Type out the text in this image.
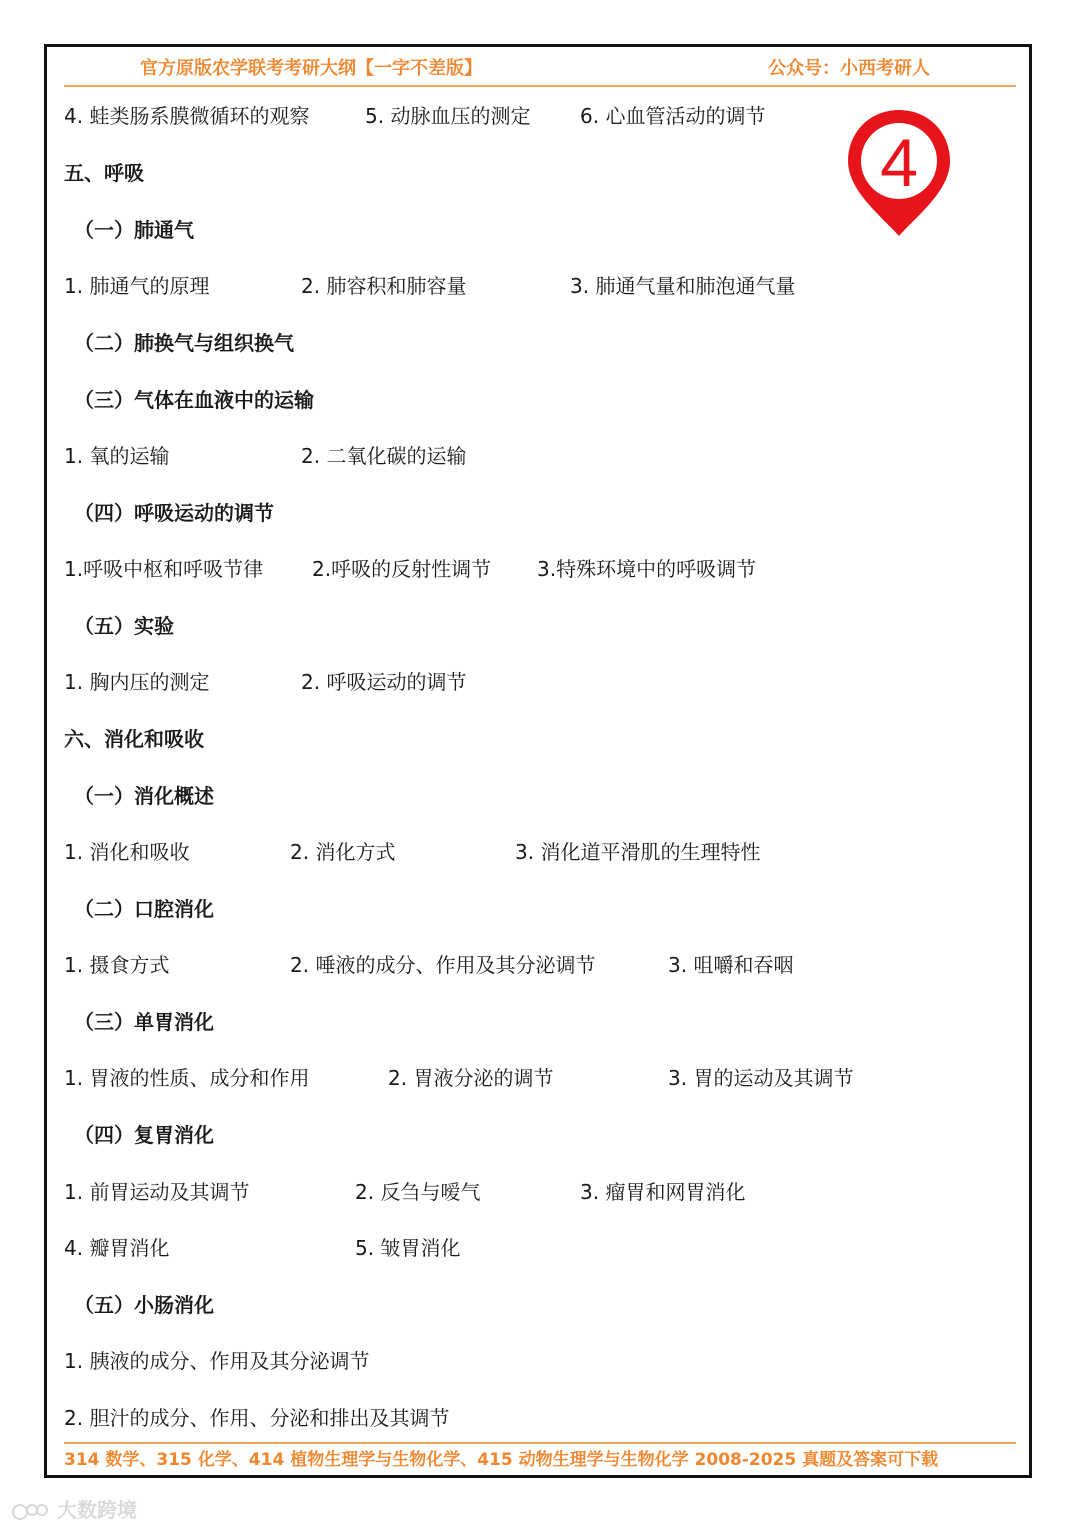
官方原版农学联考考研大纲【一字不差版】	公众号：小西考研人
4
4. 蛙类肠系膜微循环的观察	5. 动脉血压的测定 6. 心血管活动的调节
五、呼吸
（一）肺通气
1. 肺通气的原理	2. 肺容积和肺容量	3. 肺通气量和肺泡通气量
（二）肺换气与组织换气
（三）气体在血液中的运输
1. 氧的运输	2. 二氧化碳的运输
（四）呼吸运动的调节
1.呼吸中枢和呼吸节律 2.呼吸的反射性调节 3.特殊环境中的呼吸调节
（五）实验
1. 胸内压的测定	2. 呼吸运动的调节
六、消化和吸收
（一）消化概述
1. 消化和吸收	2. 消化方式	3. 消化道平滑肌的生理特性
（二）口腔消化
1. 摄食方式	2. 唾液的成分、作用及其分泌调节	3. 咀嚼和吞咽
（三）单胃消化
1. 胃液的性质、成分和作用	2. 胃液分泌的调节	3. 胃的运动及其调节
（四）复胃消化
1. 前胃运动及其调节	2. 反刍与嗳气	3. 瘤胃和网胃消化
4. 瓣胃消化	5. 皱胃消化
（五）小肠消化
1. 胰液的成分、作用及其分泌调节
2. 胆汁的成分、作用、分泌和排出及其调节
314 数学、315 化学、414 植物生理学与生物化学、415 动物生理学与生物化学 2008-2025 真题及答案可下载
大数跨境
